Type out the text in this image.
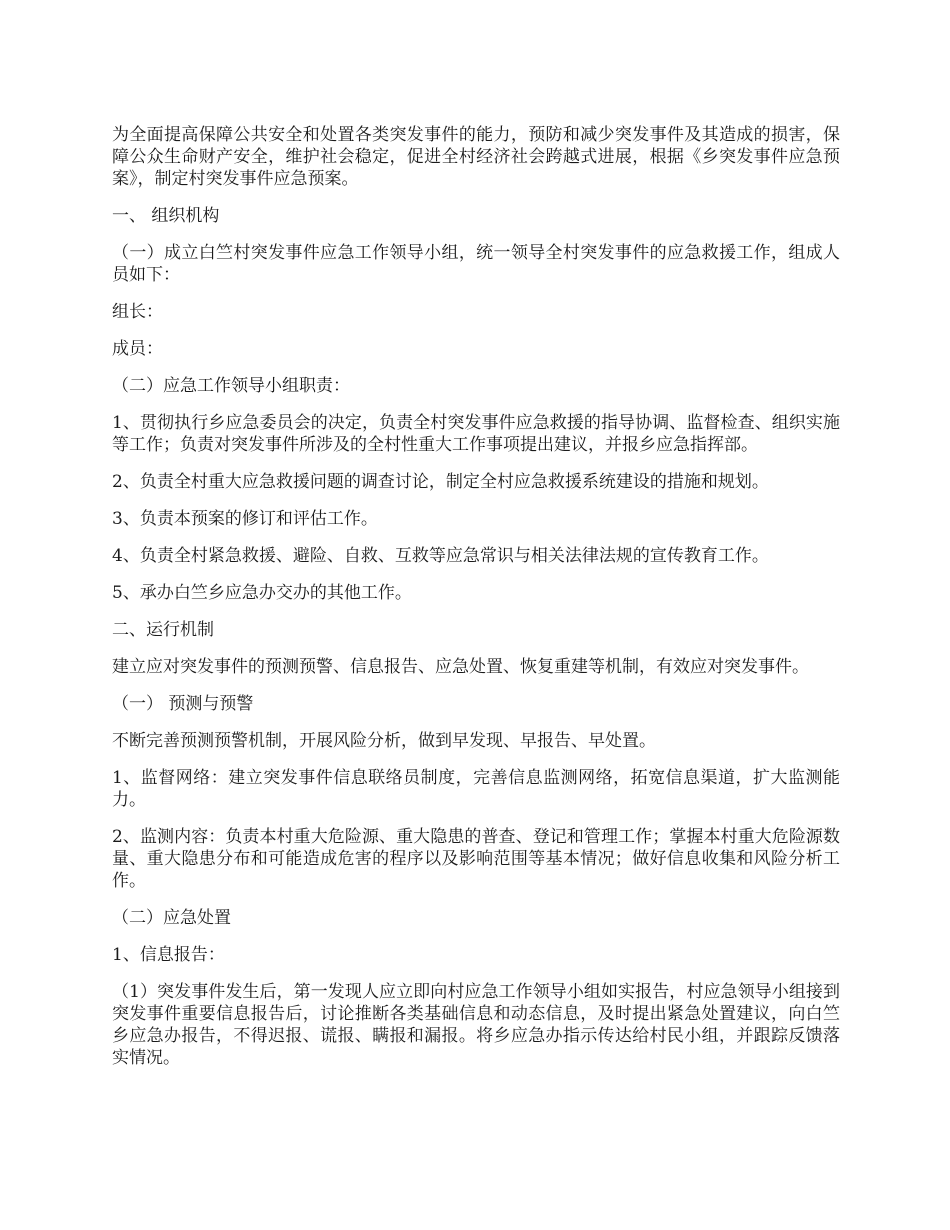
为全面提高保障公共安全和处置各类突发事件的能力，预防和减少突发事件及其造成的损害，保障公众生命财产安全，维护社会稳定，促进全村经济社会跨越式进展，根据《乡突发事件应急预案》，制定村突发事件应急预案。

一、 组织机构

（一）成立白竺村突发事件应急工作领导小组，统一领导全村突发事件的应急救援工作，组成人员如下：

组长：

成员：

（二）应急工作领导小组职责：

1、贯彻执行乡应急委员会的决定，负责全村突发事件应急救援的指导协调、监督检查、组织实施等工作；负责对突发事件所涉及的全村性重大工作事项提出建议，并报乡应急指挥部。

2、负责全村重大应急救援问题的调查讨论，制定全村应急救援系统建设的措施和规划。

3、负责本预案的修订和评估工作。

4、负责全村紧急救援、避险、自救、互救等应急常识与相关法律法规的宣传教育工作。

5、承办白竺乡应急办交办的其他工作。

二、运行机制

建立应对突发事件的预测预警、信息报告、应急处置、恢复重建等机制，有效应对突发事件。

（一） 预测与预警

不断完善预测预警机制，开展风险分析，做到早发现、早报告、早处置。

1、监督网络：建立突发事件信息联络员制度，完善信息监测网络，拓宽信息渠道，扩大监测能力。

2、监测内容：负责本村重大危险源、重大隐患的普查、登记和管理工作；掌握本村重大危险源数量、重大隐患分布和可能造成危害的程序以及影响范围等基本情况；做好信息收集和风险分析工作。

（二）应急处置

1、信息报告：

（1）突发事件发生后，第一发现人应立即向村应急工作领导小组如实报告，村应急领导小组接到突发事件重要信息报告后，讨论推断各类基础信息和动态信息，及时提出紧急处置建议，向白竺乡应急办报告，不得迟报、谎报、瞒报和漏报。将乡应急办指示传达给村民小组，并跟踪反馈落实情况。
